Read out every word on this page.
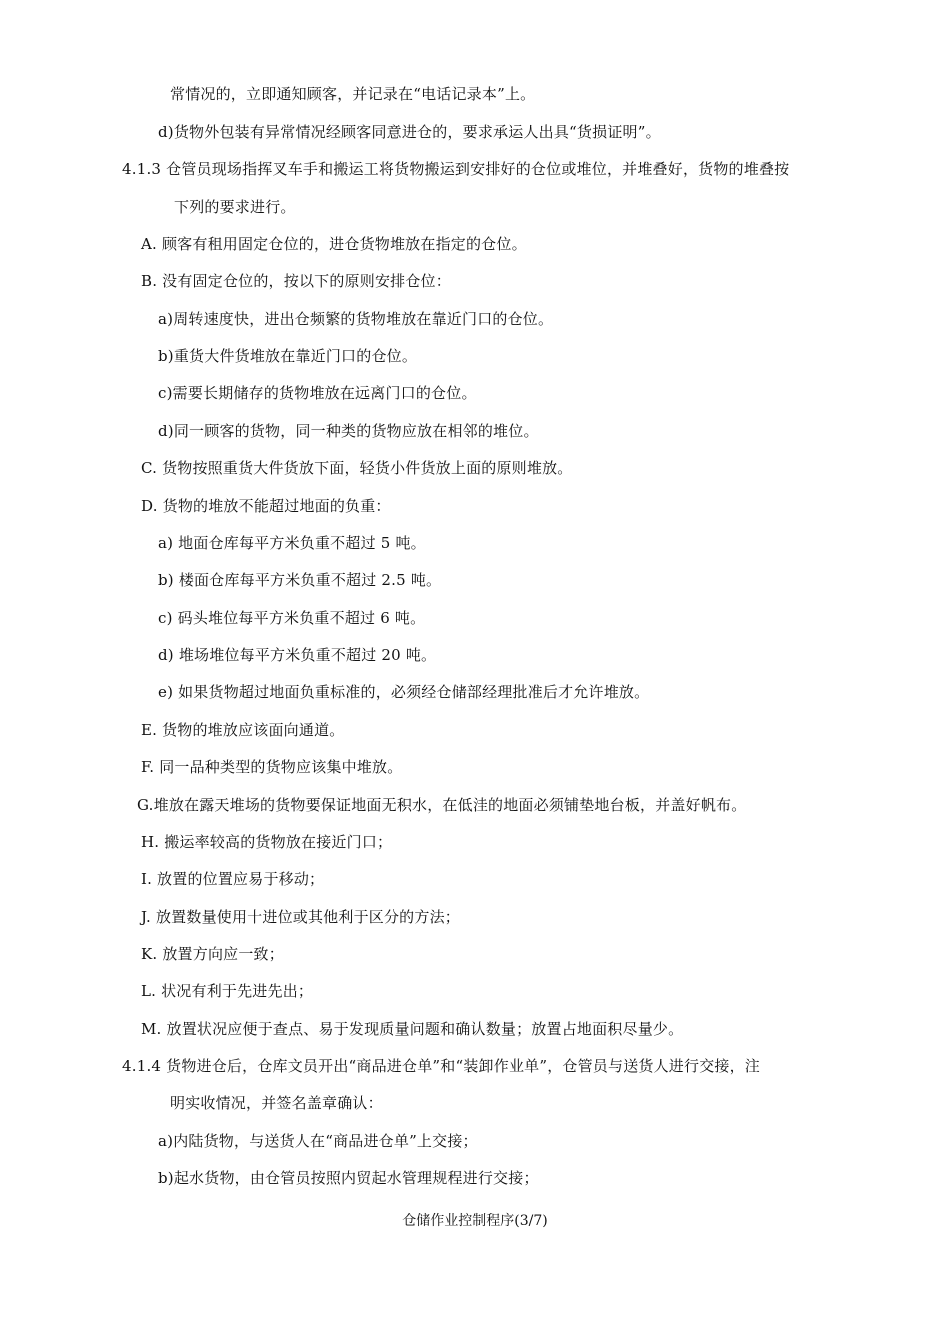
常情况的，立即通知顾客，并记录在“电话记录本”上。
d)货物外包装有异常情况经顾客同意进仓的，要求承运人出具“货损证明”。
4.1.3 仓管员现场指挥叉车手和搬运工将货物搬运到安排好的仓位或堆位，并堆叠好，货物的堆叠按
下列的要求进行。
A. 顾客有租用固定仓位的，进仓货物堆放在指定的仓位。
B. 没有固定仓位的，按以下的原则安排仓位：
a)周转速度快，进出仓频繁的货物堆放在靠近门口的仓位。
b)重货大件货堆放在靠近门口的仓位。
c)需要长期储存的货物堆放在远离门口的仓位。
d)同一顾客的货物，同一种类的货物应放在相邻的堆位。
C. 货物按照重货大件货放下面，轻货小件货放上面的原则堆放。
D. 货物的堆放不能超过地面的负重：
a) 地面仓库每平方米负重不超过 5 吨。
b) 楼面仓库每平方米负重不超过 2.5 吨。
c) 码头堆位每平方米负重不超过 6 吨。
d) 堆场堆位每平方米负重不超过 20 吨。
e) 如果货物超过地面负重标准的，必须经仓储部经理批准后才允许堆放。
E. 货物的堆放应该面向通道。
F. 同一品种类型的货物应该集中堆放。
G.堆放在露天堆场的货物要保证地面无积水，在低洼的地面必须铺垫地台板，并盖好帆布。
H. 搬运率较高的货物放在接近门口；
I. 放置的位置应易于移动；
J. 放置数量使用十进位或其他利于区分的方法；
K. 放置方向应一致；
L. 状况有利于先进先出；
M. 放置状况应便于查点、易于发现质量问题和确认数量；放置占地面积尽量少。
4.1.4 货物进仓后，仓库文员开出“商品进仓单”和“装卸作业单”，仓管员与送货人进行交接，注
明实收情况，并签名盖章确认：
a)内陆货物，与送货人在“商品进仓单”上交接；
b)起水货物，由仓管员按照内贸起水管理规程进行交接；
仓储作业控制程序(3/7)
